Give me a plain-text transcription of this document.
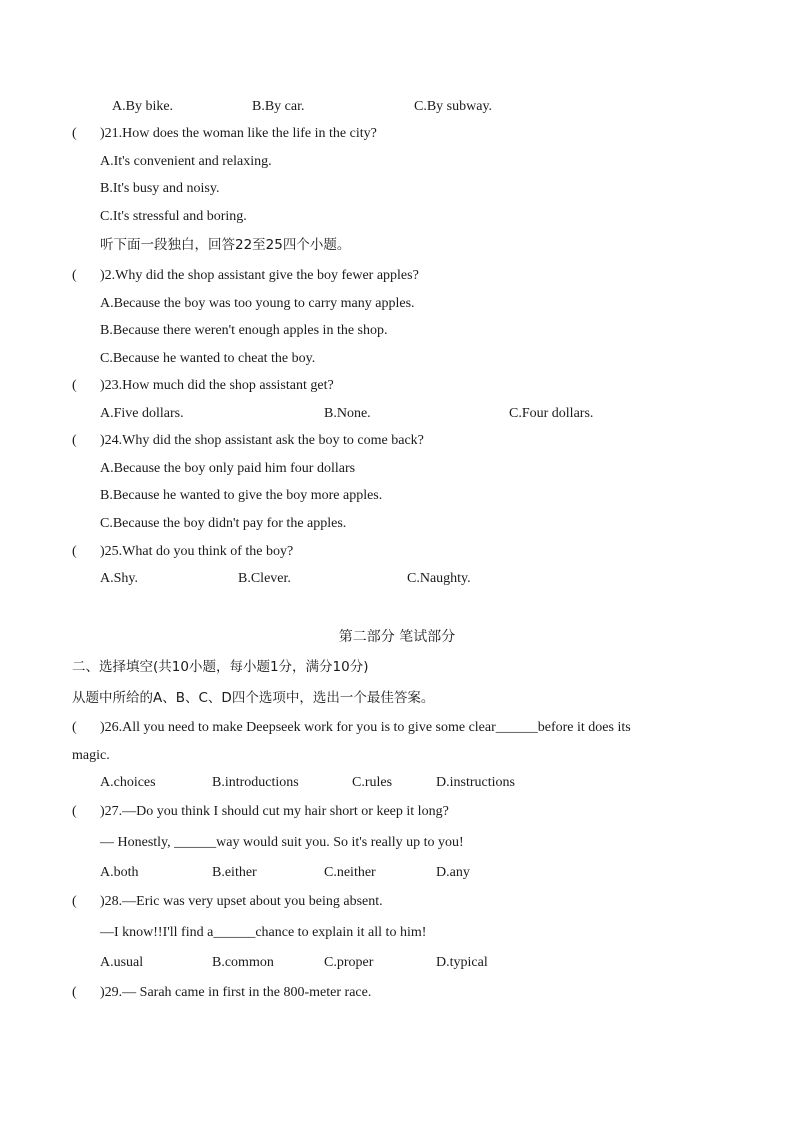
A.By bike.	B.By car.	C.By subway.
(	)21.How does the woman like the life in the city?
A.It's convenient and relaxing.
B.It's busy and noisy.
C.It's stressful and boring.
听下面一段独白，回答22至25四个小题。
(	)2.Why did the shop assistant give the boy fewer apples?
A.Because the boy was too young to carry many apples.
B.Because there weren't enough apples in the shop.
C.Because he wanted to cheat the boy.
(	)23.How much did the shop assistant get?
A.Five dollars.	B.None.	C.Four dollars.
(	)24.Why did the shop assistant ask the boy to come back?
A.Because the boy only paid him four dollars
B.Because he wanted to give the boy more apples.
C.Because the boy didn't pay for the apples.
(	)25.What do you think of the boy?
A.Shy.	B.Clever.	C.Naughty.
第二部分 笔试部分
二、选择填空(共10小题，每小题1分，满分10分)
从题中所给的A、B、C、D四个选项中，选出一个最佳答案。
(	)26.All you need to make Deepseek work for you is to give some clear______before it does its
magic.
A.choices	B.introductions	C.rules	D.instructions
(	)27.—Do you think I should cut my hair short or keep it long?
— Honestly, ______way would suit you. So it's really up to you!
A.both	B.either	C.neither	D.any
(	)28.—Eric was very upset about you being absent.
—I know!!I'll find a______chance to explain it all to him!
A.usual	B.common	C.proper	D.typical
(	)29.— Sarah came in first in the 800-meter race.
